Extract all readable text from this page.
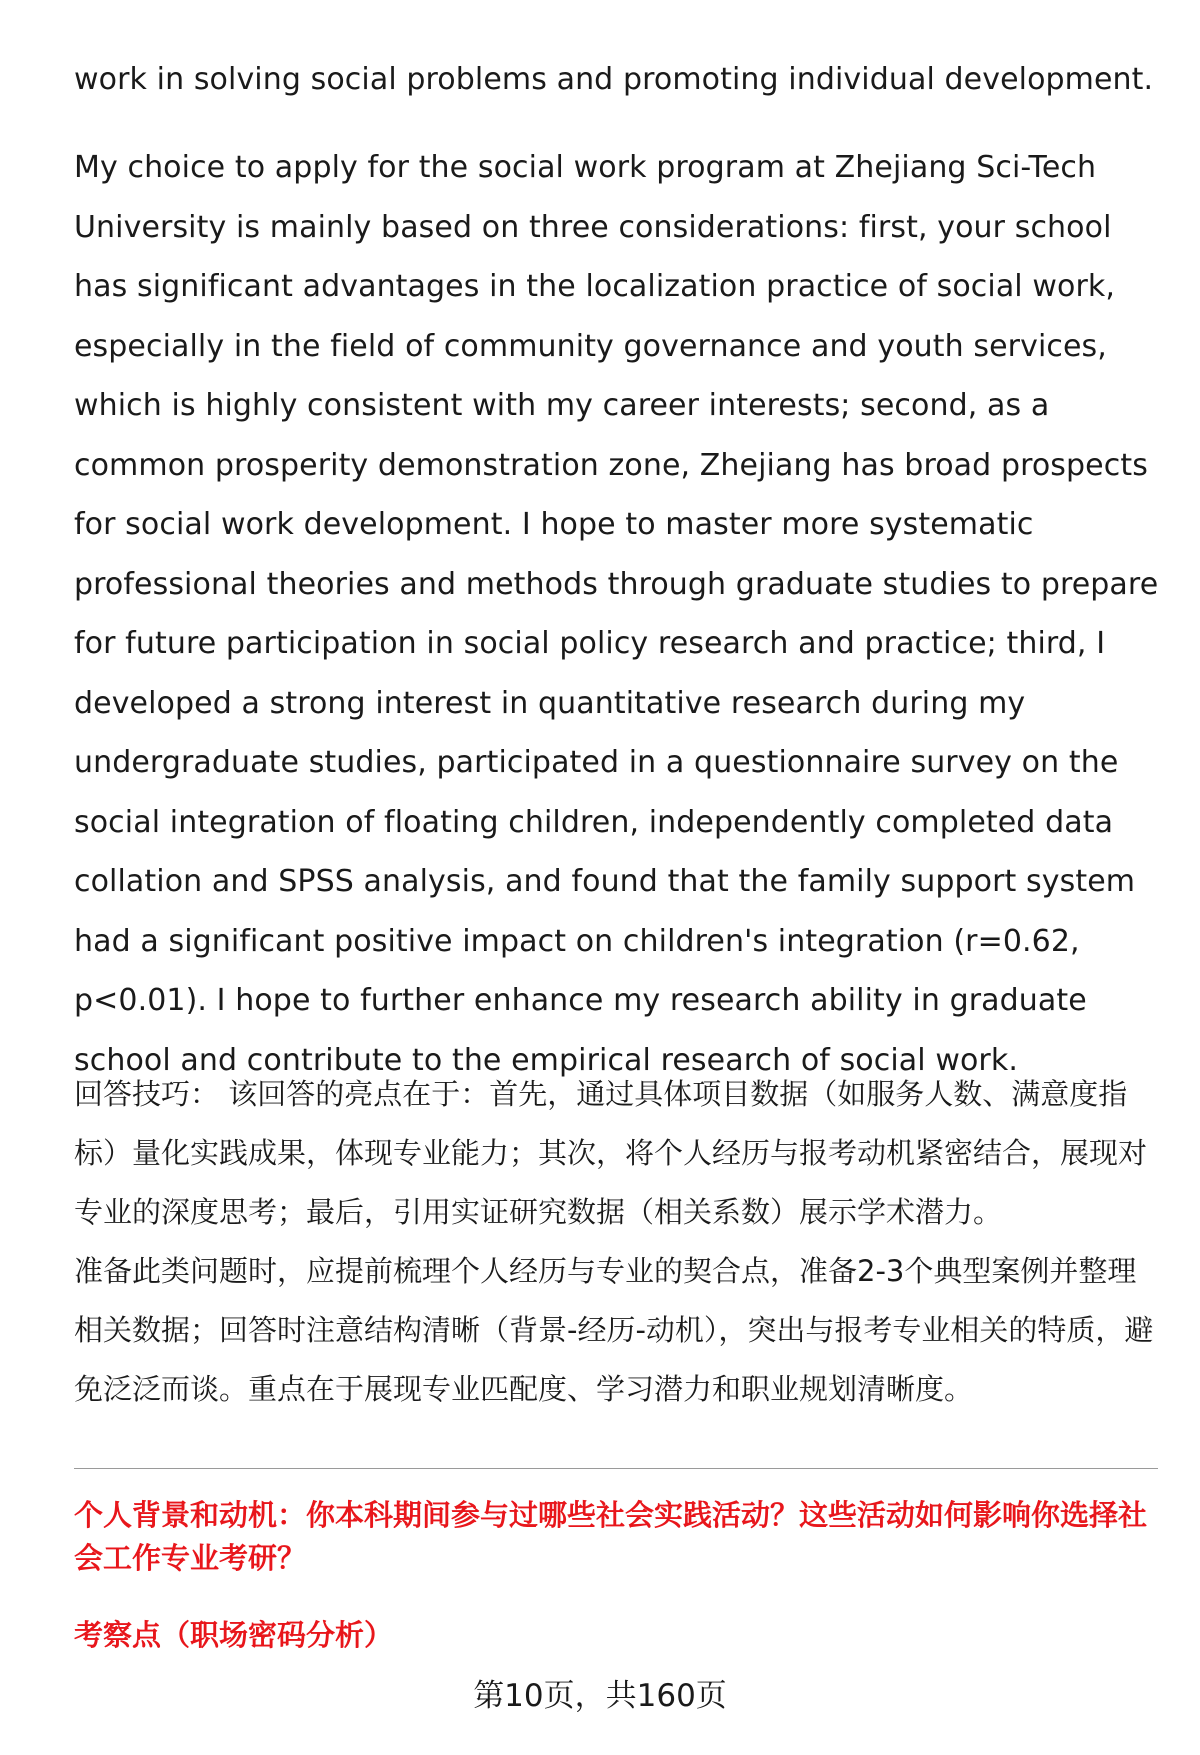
work in solving social problems and promoting individual development.

My choice to apply for the social work program at Zhejiang Sci-Tech University is mainly based on three considerations: first, your school has significant advantages in the localization practice of social work, especially in the field of community governance and youth services, which is highly consistent with my career interests; second, as a common prosperity demonstration zone, Zhejiang has broad prospects for social work development. I hope to master more systematic professional theories and methods through graduate studies to prepare for future participation in social policy research and practice; third, I developed a strong interest in quantitative research during my undergraduate studies, participated in a questionnaire survey on the social integration of floating children, independently completed data collation and SPSS analysis, and found that the family support system had a significant positive impact on children's integration (r=0.62, p<0.01). I hope to further enhance my research ability in graduate school and contribute to the empirical research of social work.

回答技巧： 该回答的亮点在于：首先，通过具体项目数据（如服务人数、满意度指标）量化实践成果，体现专业能力；其次，将个人经历与报考动机紧密结合，展现对专业的深度思考；最后，引用实证研究数据（相关系数）展示学术潜力。

准备此类问题时，应提前梳理个人经历与专业的契合点，准备2-3个典型案例并整理相关数据；回答时注意结构清晰（背景-经历-动机），突出与报考专业相关的特质，避免泛泛而谈。重点在于展现专业匹配度、学习潜力和职业规划清晰度。

个人背景和动机：你本科期间参与过哪些社会实践活动？这些活动如何影响你选择社会工作专业考研？

考察点（职场密码分析）

第10页，共160页
